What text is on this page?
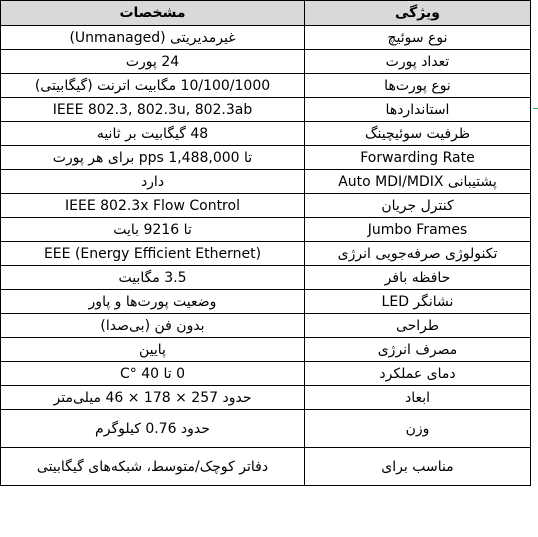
ویژگی	مشخصات
نوع سوئیچ	غیرمدیریتی (Unmanaged)
تعداد پورت	24 پورت
نوع پورت‌ها	10/100/1000 مگابیت اترنت (گیگابیتی)
استانداردها	IEEE 802.3, 802.3u, 802.3ab
ظرفیت سوئیچینگ	48 گیگابیت بر ثانیه
Forwarding Rate	تا 1,488,000 pps برای هر پورت
پشتیبانی Auto MDI/MDIX	دارد
کنترل جریان	IEEE 802.3x Flow Control
Jumbo Frames	تا 9216 بایت
تکنولوژی صرفه‌جویی انرژی	EEE (Energy Efficient Ethernet)
حافظه بافر	3.5 مگابیت
نشانگر LED	وضعیت پورت‌ها و پاور
طراحی	بدون فن (بی‌صدا)
مصرف انرژی	پایین
دمای عملکرد	0 تا 40 °C
ابعاد	حدود 257 × 178 × 46 میلی‌متر
وزن	حدود 0.76 کیلوگرم
مناسب برای	دفاتر کوچک/متوسط، شبکه‌های گیگابیتی
